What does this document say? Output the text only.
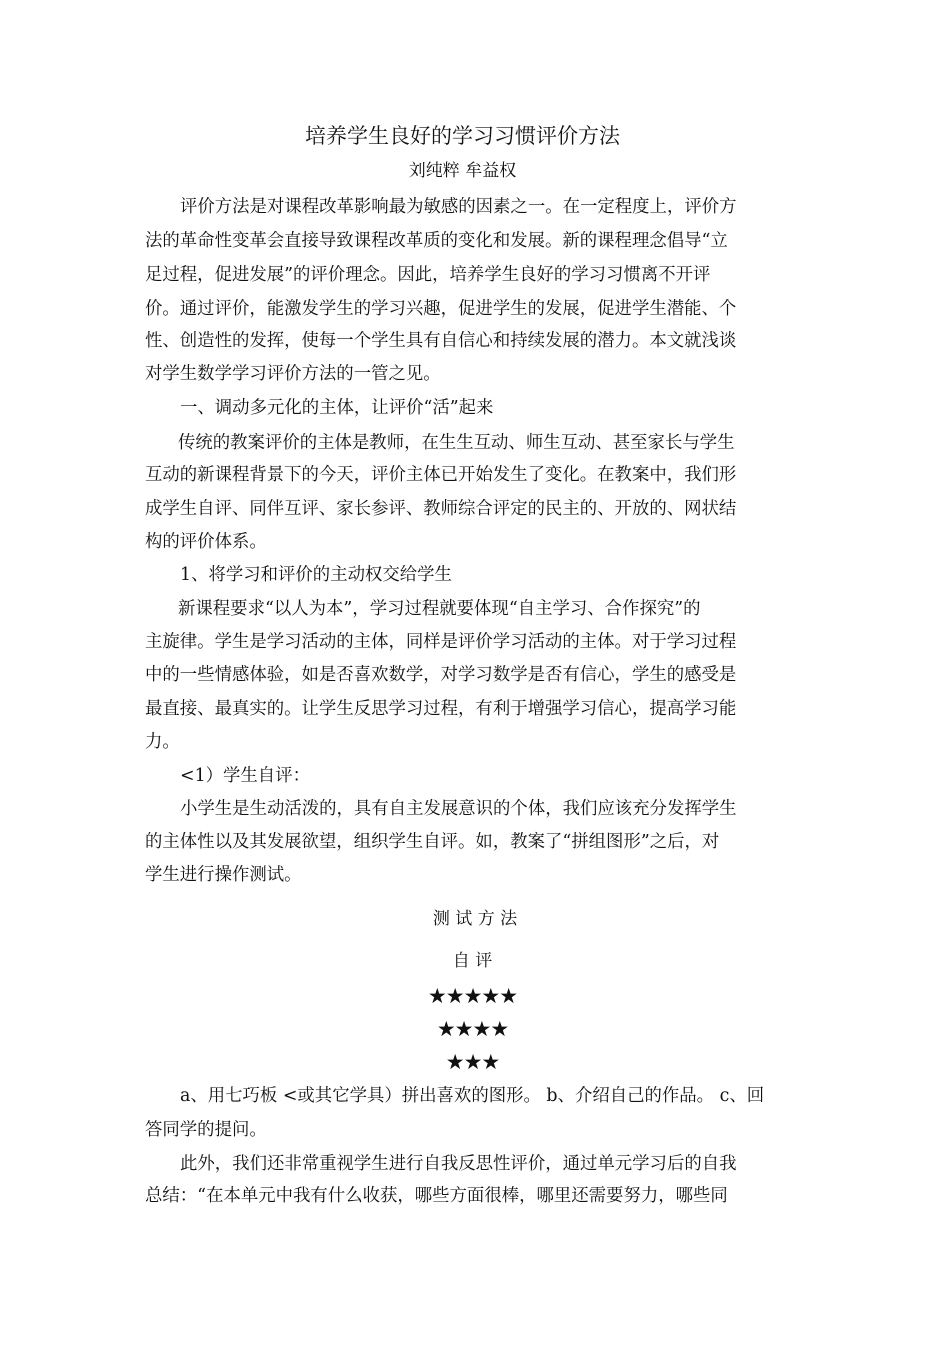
培养学生良好的学习习惯评价方法
刘纯粹 牟益权
评价方法是对课程改革影响最为敏感的因素之一。在一定程度上，评价方
法的革命性变革会直接导致课程改革质的变化和发展。新的课程理念倡导“立
足过程，促进发展”的评价理念。因此，培养学生良好的学习习惯离不开评
价。通过评价，能激发学生的学习兴趣，促进学生的发展，促进学生潜能、个
性、创造性的发挥，使每一个学生具有自信心和持续发展的潜力。本文就浅谈
对学生数学学习评价方法的一管之见。
一、调动多元化的主体，让评价“活”起来
传统的教案评价的主体是教师，在生生互动、师生互动、甚至家长与学生
互动的新课程背景下的今天，评价主体已开始发生了变化。在教案中，我们形
成学生自评、同伴互评、家长参评、教师综合评定的民主的、开放的、网状结
构的评价体系。
1、将学习和评价的主动权交给学生
新课程要求“以人为本”，学习过程就要体现“自主学习、合作探究”的
主旋律。学生是学习活动的主体，同样是评价学习活动的主体。对于学习过程
中的一些情感体验，如是否喜欢数学，对学习数学是否有信心，学生的感受是
最直接、最真实的。让学生反思学习过程，有利于增强学习信心，提高学习能
力。
<1）学生自评：
小学生是生动活泼的，具有自主发展意识的个体，我们应该充分发挥学生
的主体性以及其发展欲望，组织学生自评。如，教案了“拼组图形”之后，对
学生进行操作测试。
测 试 方 法
自 评
★★★★★
★★★★
★★★
a、用七巧板 <或其它学具）拼出喜欢的图形。 b、介绍自己的作品。 c、回
答同学的提问。
此外，我们还非常重视学生进行自我反思性评价，通过单元学习后的自我
总结：“在本单元中我有什么收获，哪些方面很棒，哪里还需要努力，哪些同
